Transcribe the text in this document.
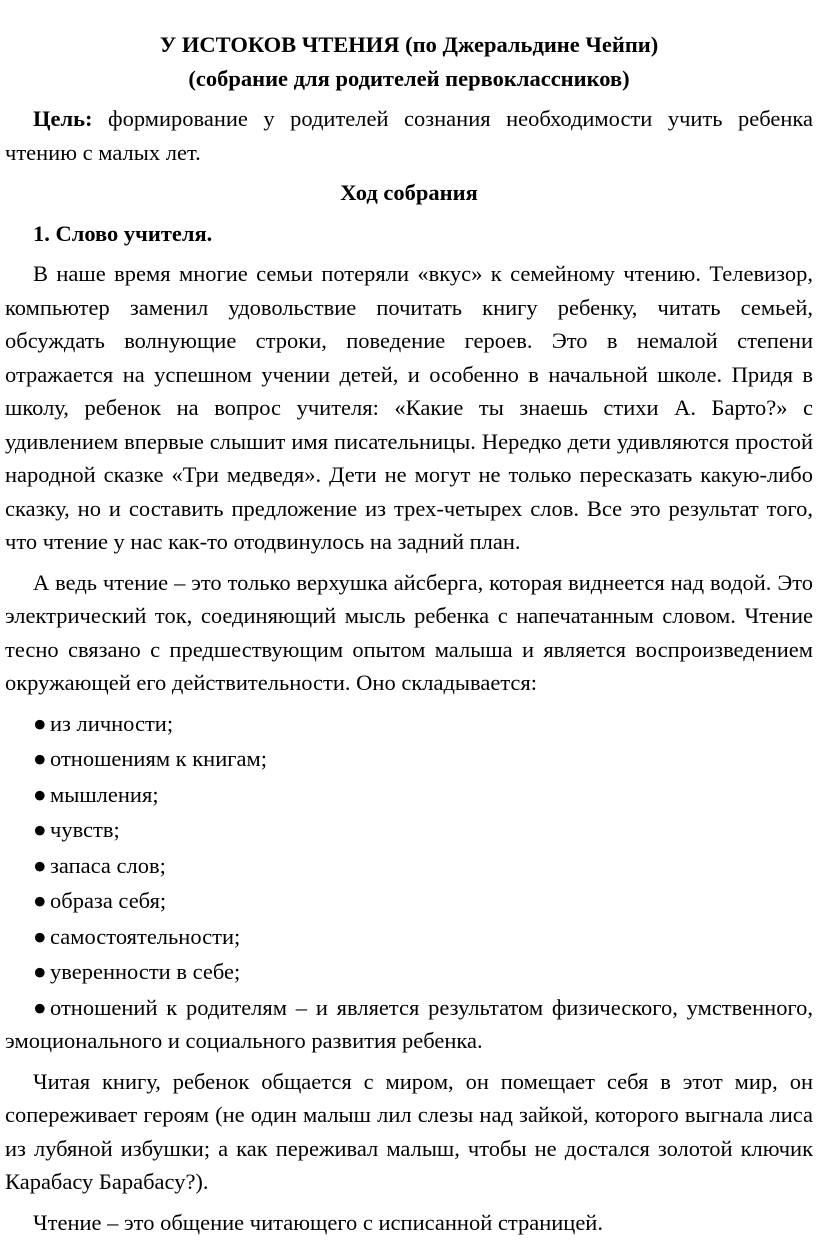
У ИСТОКОВ ЧТЕНИЯ (по Джеральдине Чейпи)
(собрание для родителей первоклассников)

Цель: формирование у родителей сознания необходимости учить ребенка чтению с малых лет.

Ход собрания
1. Слово учителя.

В наше время многие семьи потеряли «вкус» к семейному чтению. Телевизор, компьютер заменил удовольствие почитать книгу ребенку, читать семьей, обсуждать волнующие строки, поведение героев. Это в немалой степени отражается на успешном учении детей, и особенно в начальной школе. Придя в школу, ребенок на вопрос учителя: «Какие ты знаешь стихи А. Барто?» с удивлением впервые слышит имя писательницы. Нередко дети удивляются простой народной сказке «Три медведя». Дети не могут не только пересказать какую-либо сказку, но и составить предложение из трех-четырех слов. Все это результат того, что чтение у нас как-то отодвинулось на задний план.

А ведь чтение – это только верхушка айсберга, которая виднеется над водой. Это электрический ток, соединяющий мысль ребенка с напечатанным словом. Чтение тесно связано с предшествующим опытом малыша и является воспроизведением окружающей его действительности. Оно складывается:

● из личности;
● отношениям к книгам;
● мышления;
● чувств;
● запаса слов;
● образа себя;
● самостоятельности;
● уверенности в себе;
● отношений к родителям – и является результатом физического, умственного, эмоционального и социального развития ребенка.

Читая книгу, ребенок общается с миром, он помещает себя в этот мир, он сопереживает героям (не один малыш лил слезы над зайкой, которого выгнала лиса из лубяной избушки; а как переживал малыш, чтобы не достался золотой ключик Карабасу Барабасу?).

Чтение – это общение читающего с исписанной страницей.
